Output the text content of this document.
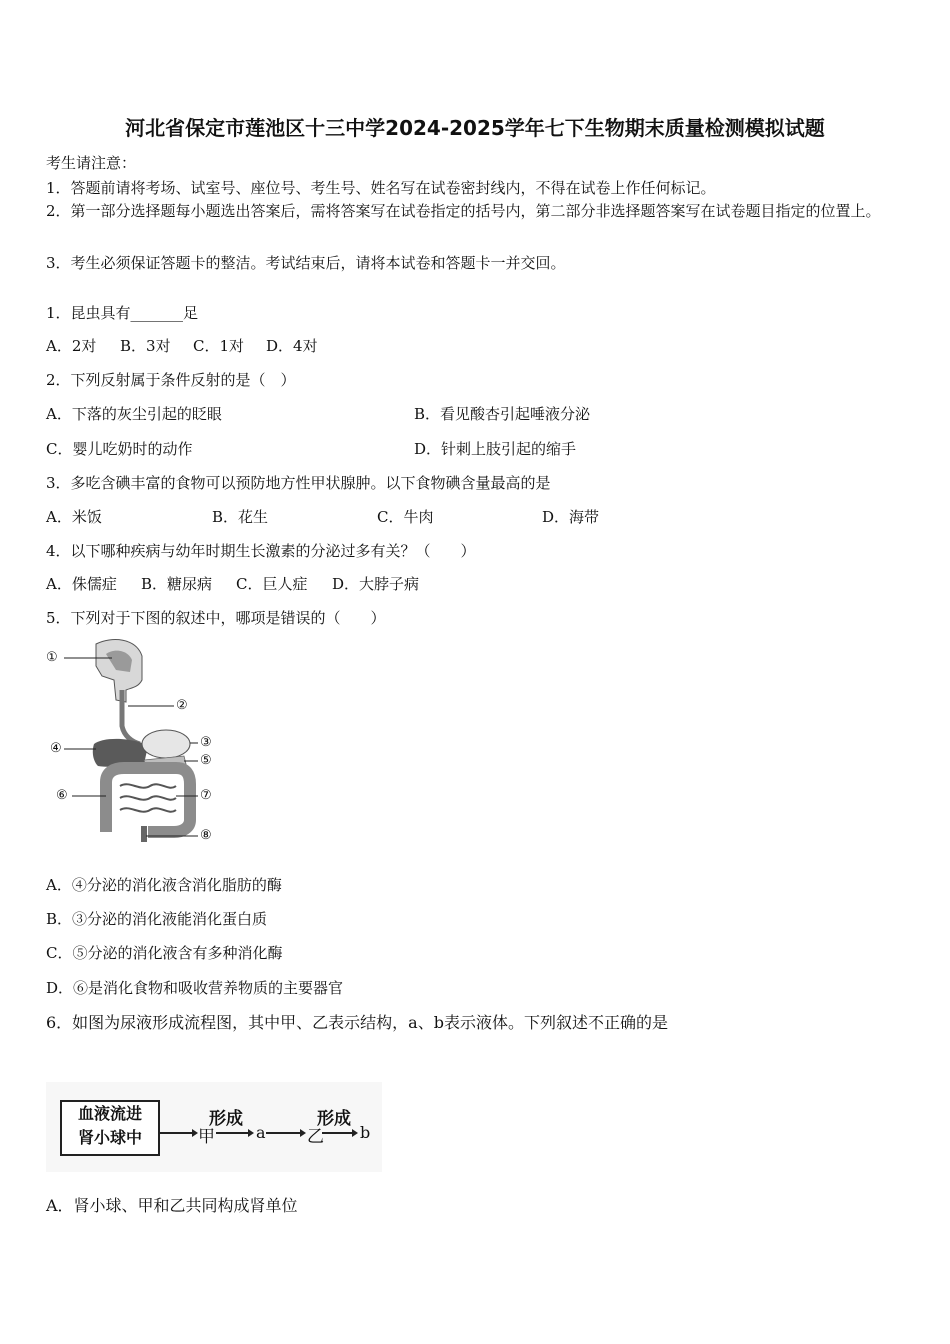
河北省保定市莲池区十三中学2024-2025学年七下生物期末质量检测模拟试题
考生请注意：
1．答题前请将考场、试室号、座位号、考生号、姓名写在试卷密封线内，不得在试卷上作任何标记。
2．第一部分选择题每小题选出答案后，需将答案写在试卷指定的括号内，第二部分非选择题答案写在试卷题目指定的位置上。
3．考生必须保证答题卡的整洁。考试结束后，请将本试卷和答题卡一并交回。
1．昆虫具有_______足
A．2对 B．3对 C．1对 D．4对
2．下列反射属于条件反射的是（　）
A．下落的灰尘引起的眨眼	B．看见酸杏引起唾液分泌
C．婴儿吃奶时的动作	D．针刺上肢引起的缩手
3．多吃含碘丰富的食物可以预防地方性甲状腺肿。以下食物碘含量最高的是
A．米饭	B．花生	C．牛肉	D．海带
4．以下哪种疾病与幼年时期生长激素的分泌过多有关？（　　）
A．侏儒症 B．糖尿病 C．巨人症 D．大脖子病
5．下列对于下图的叙述中，哪项是错误的（　　）
①
②
③
④
⑤
⑥	⑦
⑧
A．④分泌的消化液含消化脂肪的酶
B．③分泌的消化液能消化蛋白质
C．⑤分泌的消化液含有多种消化酶
D．⑥是消化食物和吸收营养物质的主要器官
6．如图为尿液形成流程图，其中甲、乙表示结构，a、b表示液体。下列叙述不正确的是
血液流进
肾小球中
形成	形成
甲	a 乙 b
A．肾小球、甲和乙共同构成肾单位
